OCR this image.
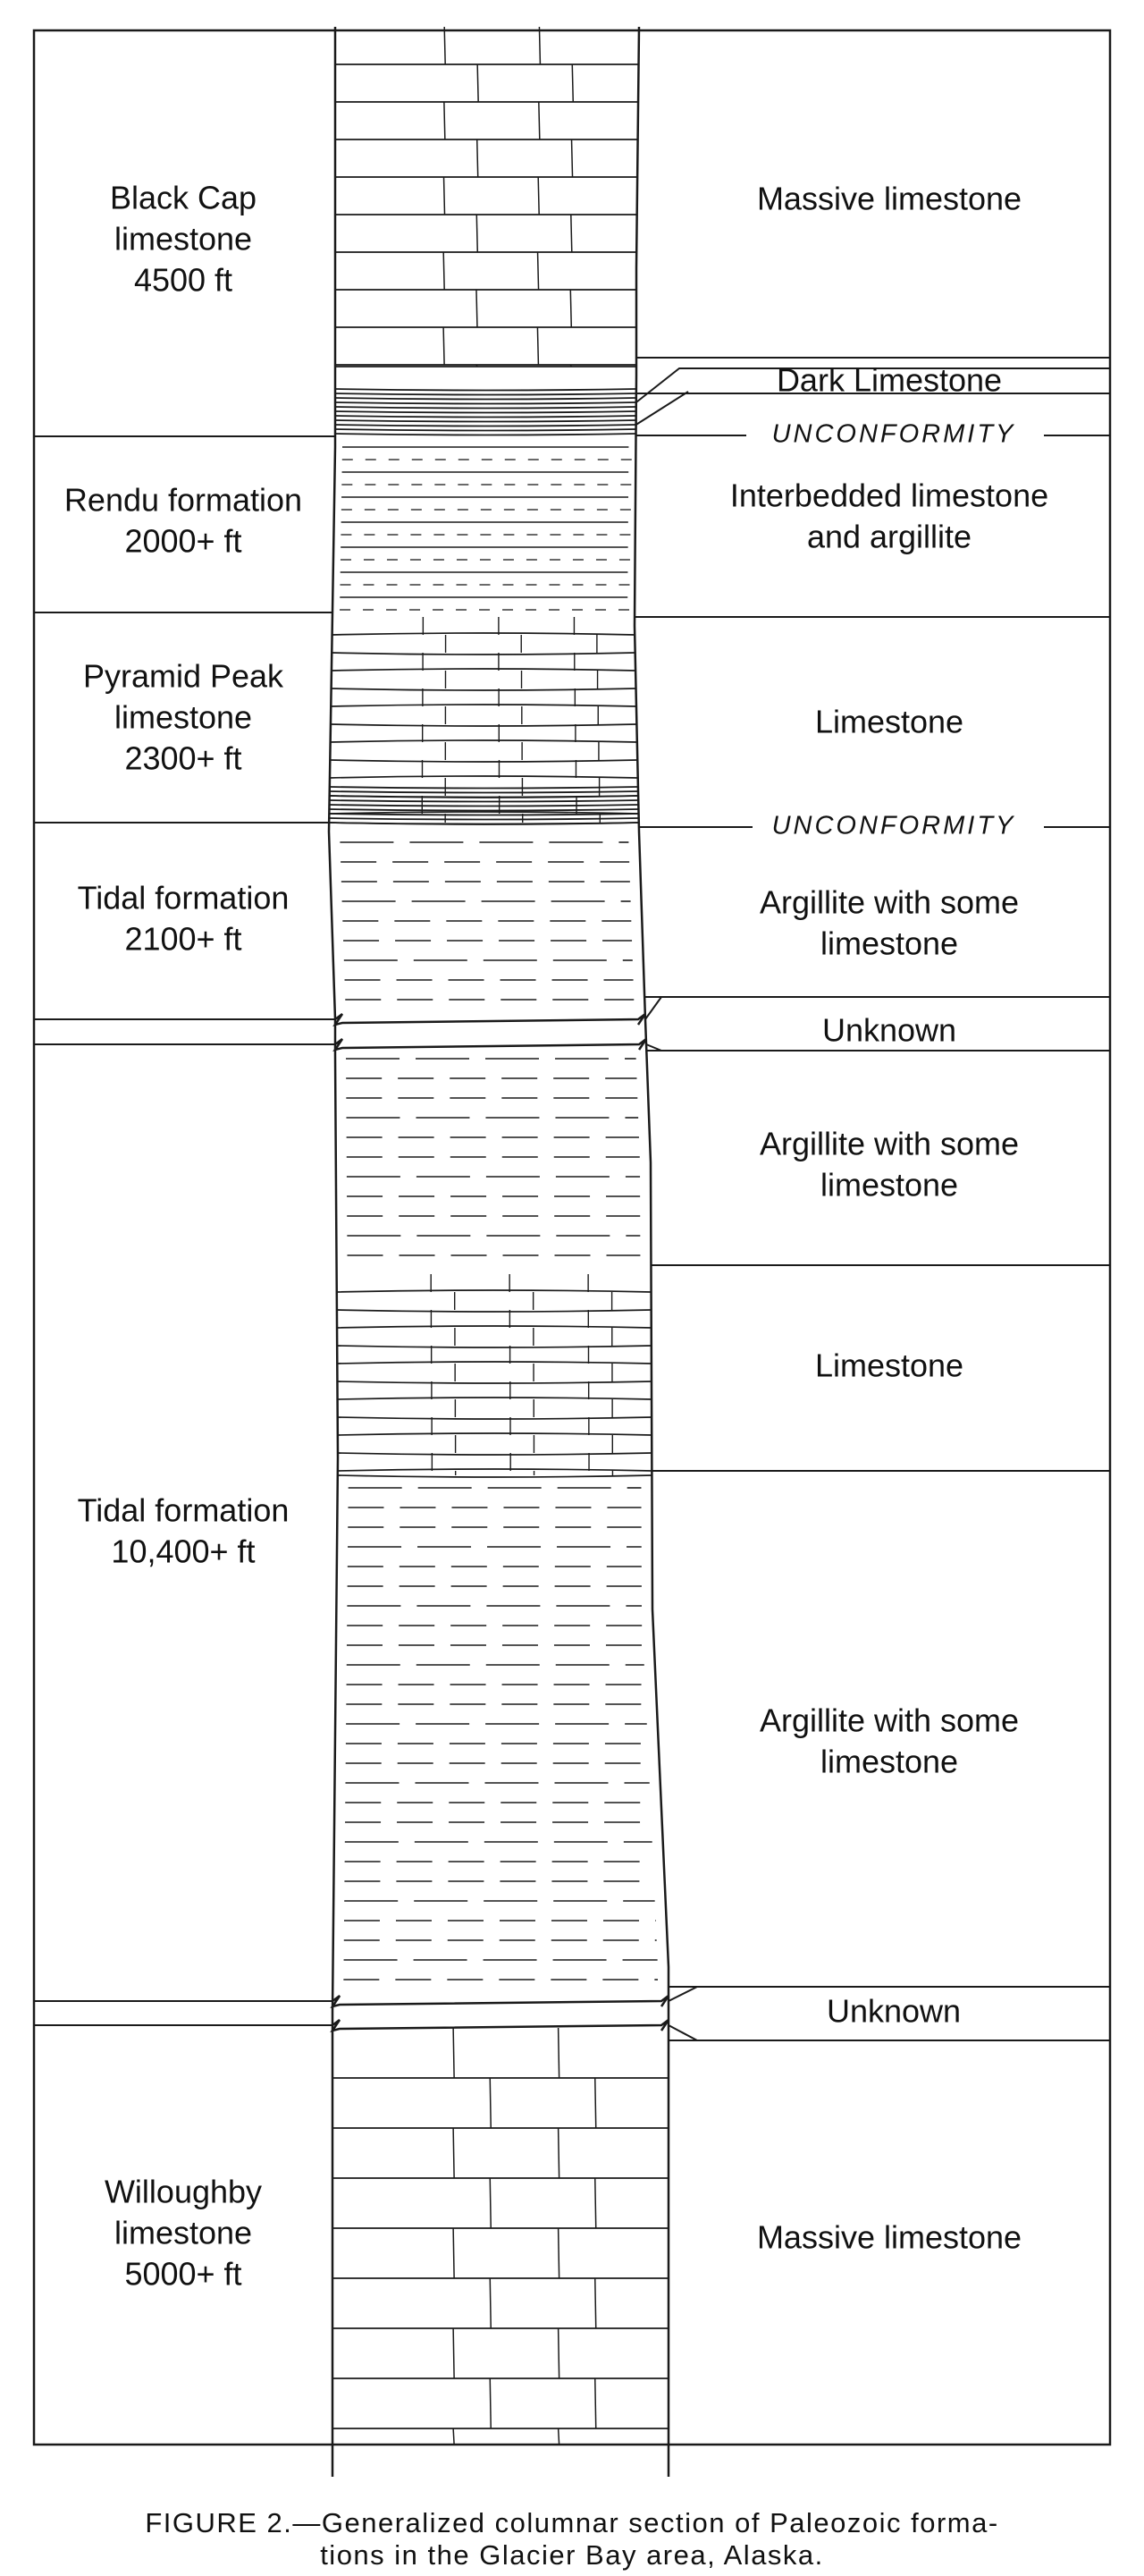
Black Cap
limestone
4500 ft
Rendu formation
2000+ ft
Pyramid Peak
limestone
2300+ ft
Tidal formation
2100+ ft
Tidal formation
10,400+ ft
Willoughby
limestone
5000+ ft
Massive limestone
Dark Limestone
Interbedded limestone
and argillite
Limestone
Argillite with some
limestone
Unknown
Argillite with some
limestone
Limestone
Argillite with some
limestone
Unknown
Massive limestone
UNCONFORMITY
UNCONFORMITY
FIGURE 2.—Generalized columnar section of Paleozoic forma-
tions in the Glacier Bay area, Alaska.
